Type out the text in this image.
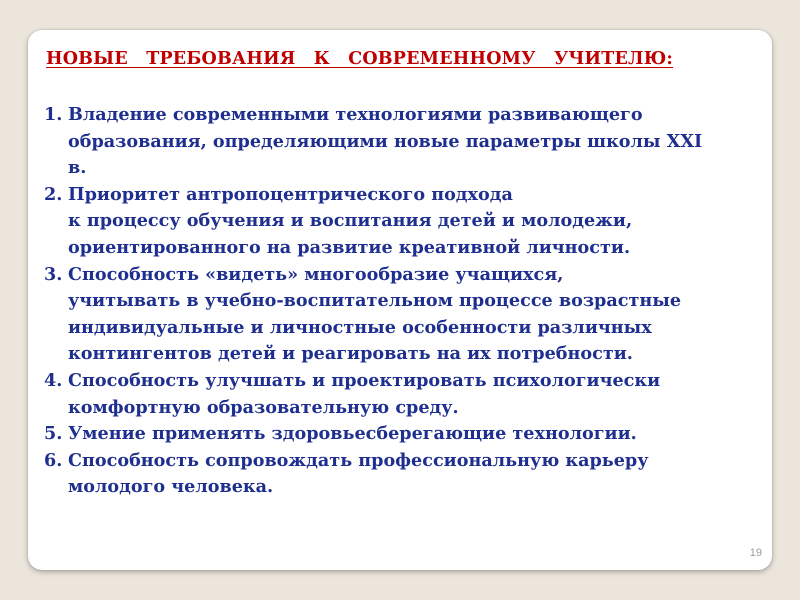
НОВЫЕ ТРЕБОВАНИЯ К СОВРЕМЕННОМУ УЧИТЕЛЮ:
1. Владение современными технологиями развивающего
образования, определяющими новые параметры школы XXI
в.
2. Приоритет антропоцентрического подхода
к процессу обучения и воспитания детей и молодежи,
ориентированного на развитие креативной личности.
3. Способность «видеть» многообразие учащихся,
учитывать в учебно-воспитательном процессе возрастные
индивидуальные и личностные особенности различных
контингентов детей и реагировать на их потребности.
4. Способность улучшать и проектировать психологически
комфортную образовательную среду.
5. Умение применять здоровьесберегающие технологии.
6. Способность сопровождать профессиональную карьеру
молодого человека.
19
